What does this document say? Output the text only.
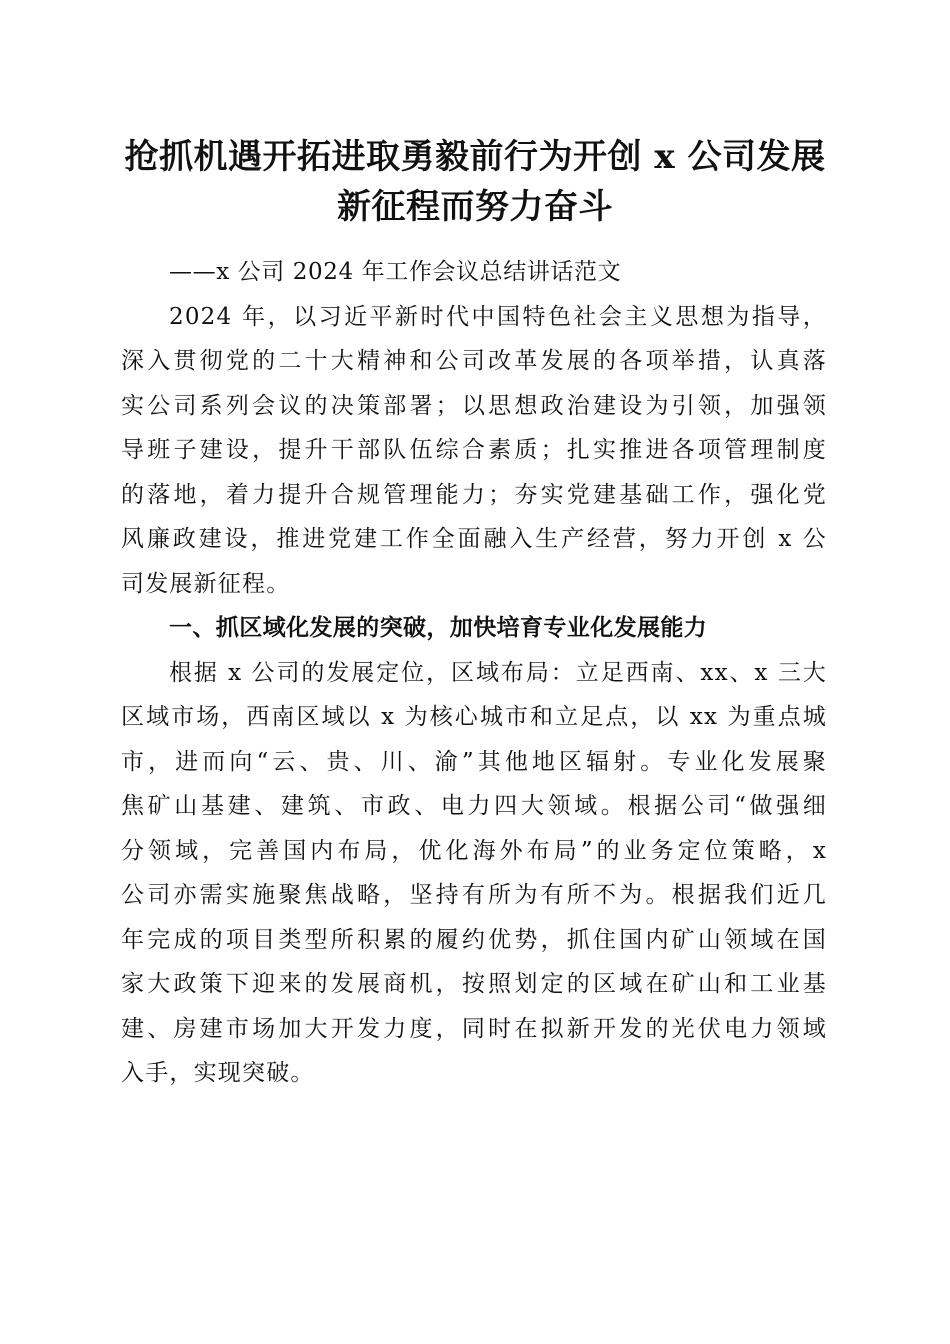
抢抓机遇开拓进取勇毅前行为开创 x 公司发展
新征程而努力奋斗
——x 公司 2024 年工作会议总结讲话范文
2024 年，以习近平新时代中国特色社会主义思想为指导，
深入贯彻党的二十大精神和公司改革发展的各项举措，认真落
实公司系列会议的决策部署；以思想政治建设为引领，加强领
导班子建设，提升干部队伍综合素质；扎实推进各项管理制度
的落地，着力提升合规管理能力；夯实党建基础工作，强化党
风廉政建设，推进党建工作全面融入生产经营，努力开创 x 公
司发展新征程。
一、抓区域化发展的突破，加快培育专业化发展能力
根据 x 公司的发展定位，区域布局：立足西南、xx、x 三大
区域市场，西南区域以 x 为核心城市和立足点，以 xx 为重点城
市，进而向“云、贵、川、渝”其他地区辐射。专业化发展聚
焦矿山基建、建筑、市政、电力四大领域。根据公司“做强细
分领域，完善国内布局，优化海外布局”的业务定位策略，x
公司亦需实施聚焦战略，坚持有所为有所不为。根据我们近几
年完成的项目类型所积累的履约优势，抓住国内矿山领域在国
家大政策下迎来的发展商机，按照划定的区域在矿山和工业基
建、房建市场加大开发力度，同时在拟新开发的光伏电力领域
入手，实现突破。
